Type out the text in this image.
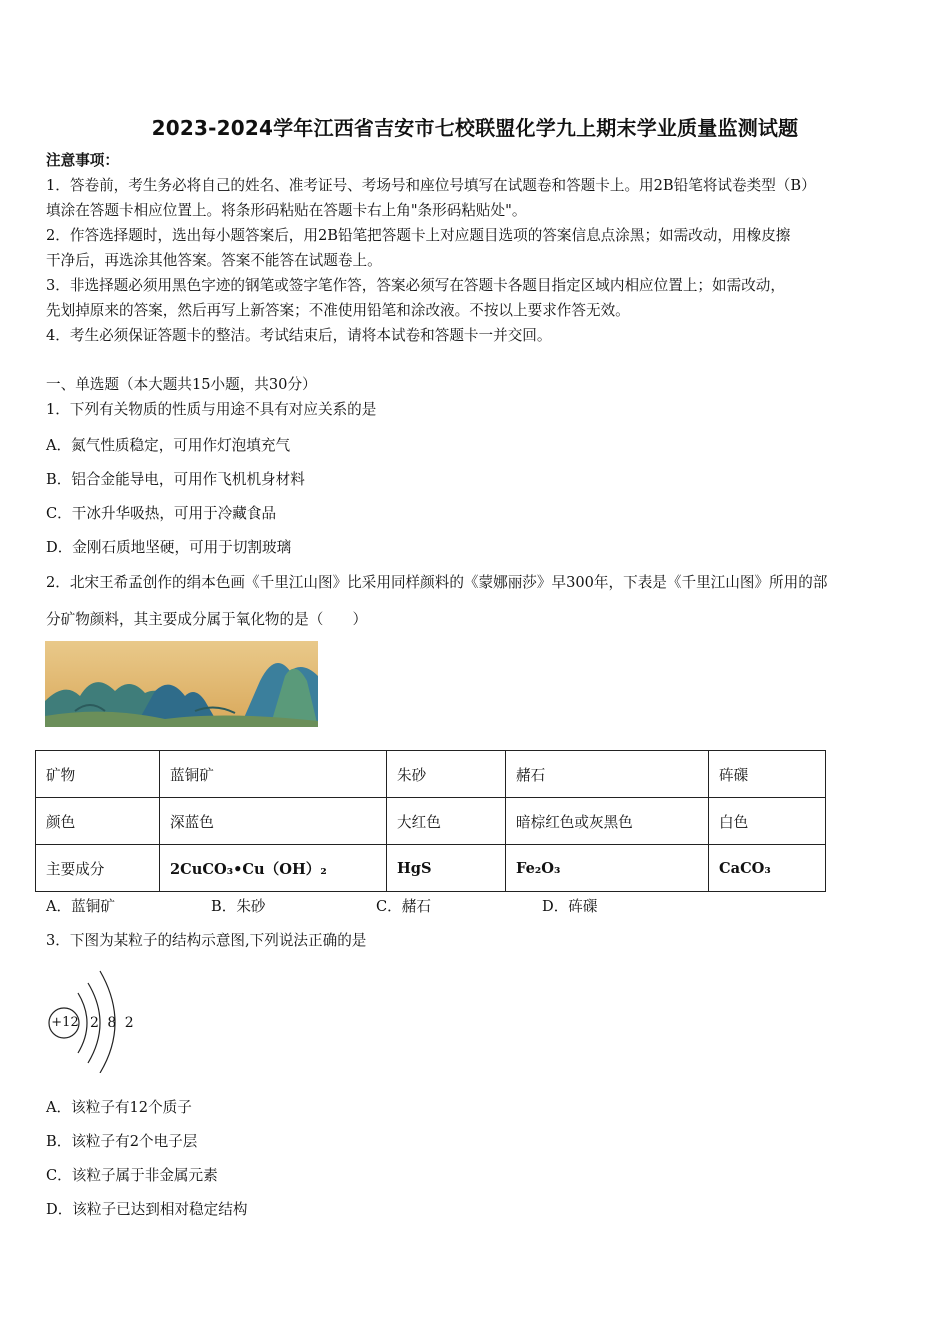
2023-2024学年江西省吉安市七校联盟化学九上期末学业质量监测试题
注意事项：
1．答卷前，考生务必将自己的姓名、准考证号、考场号和座位号填写在试题卷和答题卡上。用2B铅笔将试卷类型（B）
填涂在答题卡相应位置上。将条形码粘贴在答题卡右上角"条形码粘贴处"。
2．作答选择题时，选出每小题答案后，用2B铅笔把答题卡上对应题目选项的答案信息点涂黑；如需改动，用橡皮擦
干净后，再选涂其他答案。答案不能答在试题卷上。
3．非选择题必须用黑色字迹的钢笔或签字笔作答，答案必须写在答题卡各题目指定区域内相应位置上；如需改动，
先划掉原来的答案，然后再写上新答案；不准使用铅笔和涂改液。不按以上要求作答无效。
4．考生必须保证答题卡的整洁。考试结束后，请将本试卷和答题卡一并交回。
一、单选题（本大题共15小题，共30分）
1．下列有关物质的性质与用途不具有对应关系的是
A．氮气性质稳定，可用作灯泡填充气
B．铝合金能导电，可用作飞机机身材料
C．干冰升华吸热，可用于冷藏食品
D．金刚石质地坚硬，可用于切割玻璃
2．北宋王希孟创作的绢本色画《千里江山图》比采用同样颜料的《蒙娜丽莎》早300年，下表是《千里江山图》所用的部
分矿物颜料，其主要成分属于氧化物的是（　　）
矿物	蓝铜矿	朱砂	赭石	砗磲
颜色	深蓝色	大红色	暗棕红色或灰黑色	白色
主要成分	2CuCO₃•Cu（OH）₂	HgS	Fe₂O₃	CaCO₃
A．蓝铜矿	B．朱砂	C．赭石	D．砗磲
3．下图为某粒子的结构示意图,下列说法正确的是
+12 2 8 2
A．该粒子有12个质子
B．该粒子有2个电子层
C．该粒子属于非金属元素
D．该粒子已达到相对稳定结构
